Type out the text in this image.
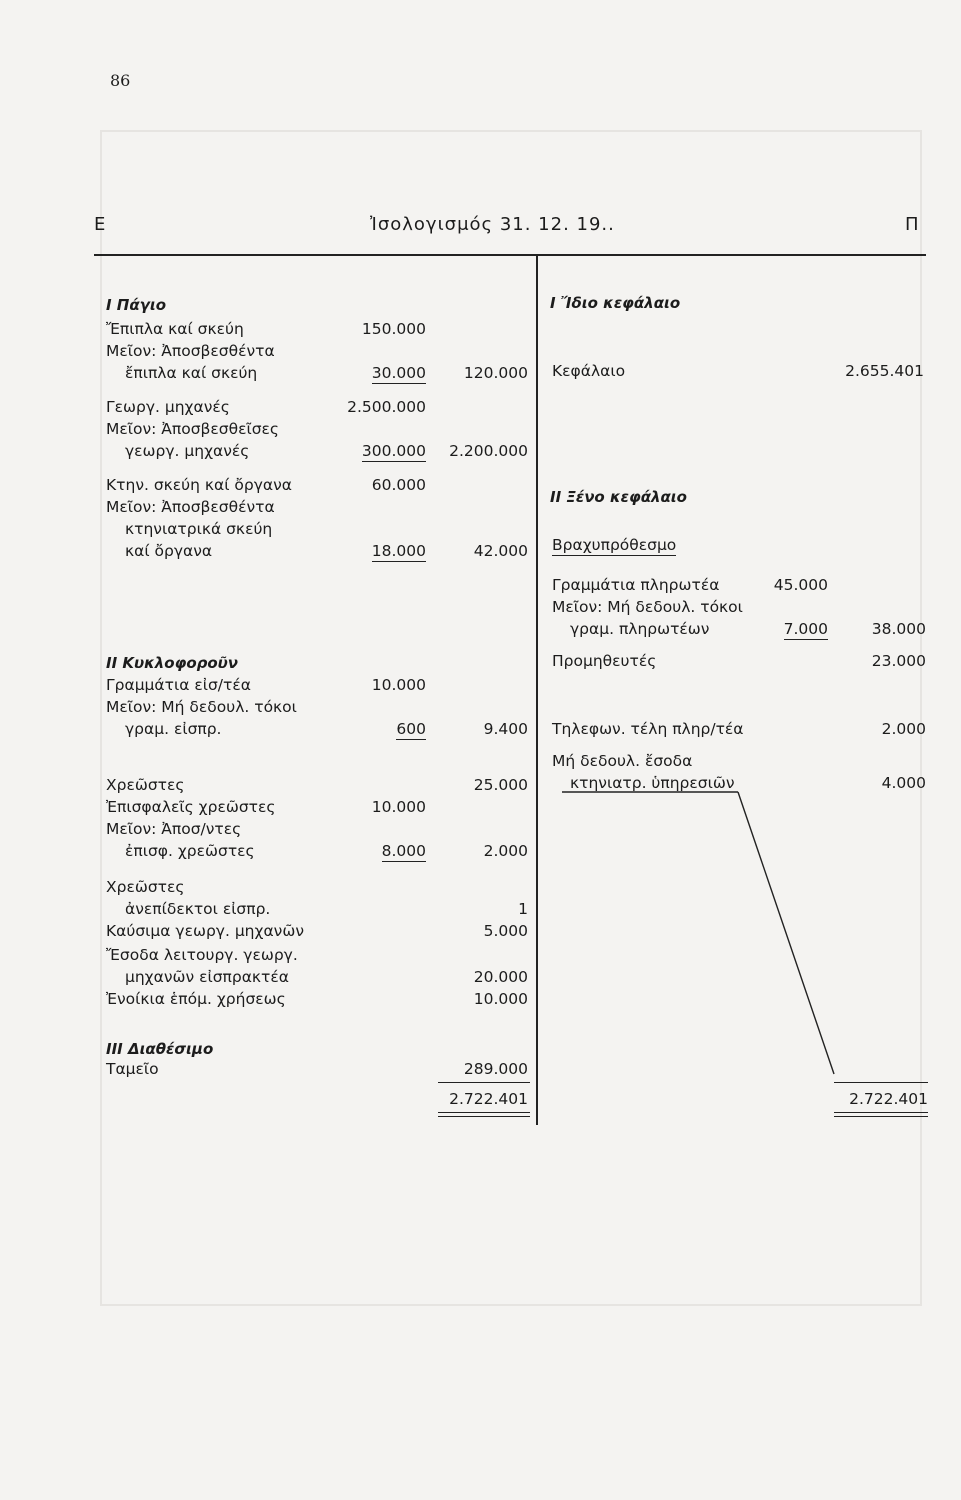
86
Ε	Ἰσολογισμός 31. 12. 19..	Π
Ι Πάγιο
Ἔπιπλα καί σκεύη	150.000
Μεῖον: Ἀποσβεσθέντα
ἔπιπλα καί σκεύη	30.000	120.000
Γεωργ. μηχανές	2.500.000
Μεῖον: Ἀποσβεσθεῖσες
γεωργ. μηχανές	300.000	2.200.000
Κτην. σκεύη καί ὄργανα	60.000
Μεῖον: Ἀποσβεσθέντα
κτηνιατρικά σκεύη
καί ὄργανα	18.000	42.000
ΙΙ Κυκλοφοροῦν
Γραμμάτια εἰσ/τέα	10.000
Μεῖον: Μή δεδουλ. τόκοι
γραμ. εἰσπρ.	600	9.400
Χρεῶστες	25.000
Ἐπισφαλεῖς χρεῶστες	10.000
Μεῖον: Ἀποσ/ντες
ἐπισφ. χρεῶστες	8.000	2.000
Χρεῶστες
ἀνεπίδεκτοι εἰσπρ.	1
Καύσιμα γεωργ. μηχανῶν	5.000
Ἔσοδα λειτουργ. γεωργ.
μηχανῶν εἰσπρακτέα	20.000
Ἐνοίκια ἑπόμ. χρήσεως	10.000
ΙΙΙ Διαθέσιμο
Ταμεῖο	289.000
2.722.401
Ι Ἴδιο κεφάλαιο
Κεφάλαιο	2.655.401
ΙΙ Ξένο κεφάλαιο
Βραχυπρόθεσμο
Γραμμάτια πληρωτέα	45.000
Μεῖον: Μή δεδουλ. τόκοι
γραμ. πληρωτέων	7.000	38.000
Προμηθευτές	23.000
Τηλεφων. τέλη πληρ/τέα	2.000
Μή δεδουλ. ἔσοδα
κτηνιατρ. ὑπηρεσιῶν	4.000
2.722.401
